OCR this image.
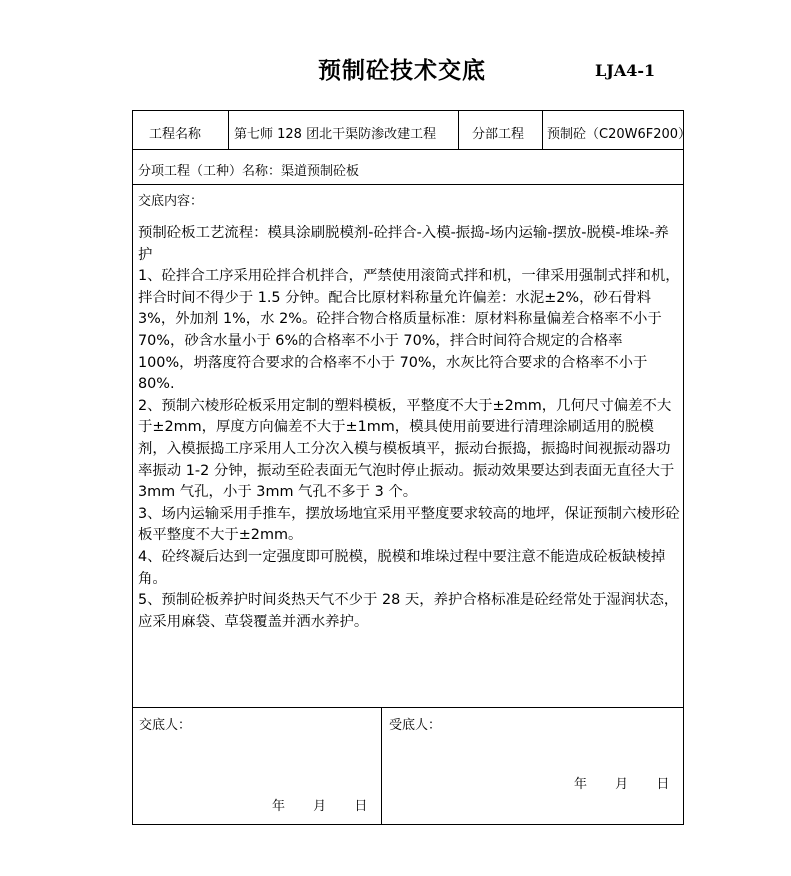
预制砼技术交底	LJA4-1
工程名称	第七师 128 团北干渠防渗改建工程	分部工程 预制砼（C20W6F200）
分项工程（工种）名称：渠道预制砼板
交底内容：

预制砼板工艺流程：模具涂刷脱模剂-砼拌合-入模-振捣-场内运输-摆放-脱模-堆垛-养护

1、砼拌合工序采用砼拌合机拌合，严禁使用滚筒式拌和机，一律采用强制式拌和机，拌合时间不得少于 1.5 分钟。配合比原材料称量允许偏差：水泥±2%，砂石骨料 3%，外加剂 1%，水 2%。砼拌合物合格质量标准：原材料称量偏差合格率不小于 70%，砂含水量小于 6%的合格率不小于 70%，拌合时间符合规定的合格率 100%，坍落度符合要求的合格率不小于 70%，水灰比符合要求的合格率不小于 80%.

2、预制六棱形砼板采用定制的塑料模板，平整度不大于±2mm，几何尺寸偏差不大于±2mm，厚度方向偏差不大于±1mm，模具使用前要进行清理涂刷适用的脱模剂，入模振捣工序采用人工分次入模与模板填平，振动台振捣，振捣时间视振动器功率振动 1-2 分钟，振动至砼表面无气泡时停止振动。振动效果要达到表面无直径大于 3mm 气孔，小于 3mm 气孔不多于 3 个。

3、场内运输采用手推车，摆放场地宜采用平整度要求较高的地坪，保证预制六棱形砼板平整度不大于±2mm。

4、砼终凝后达到一定强度即可脱模，脱模和堆垛过程中要注意不能造成砼板缺棱掉角。

5、预制砼板养护时间炎热天气不少于 28 天，养护合格标准是砼经常处于湿润状态，应采用麻袋、草袋覆盖并洒水养护。

交底人：	受底人：
年 月 日
年 月 日
